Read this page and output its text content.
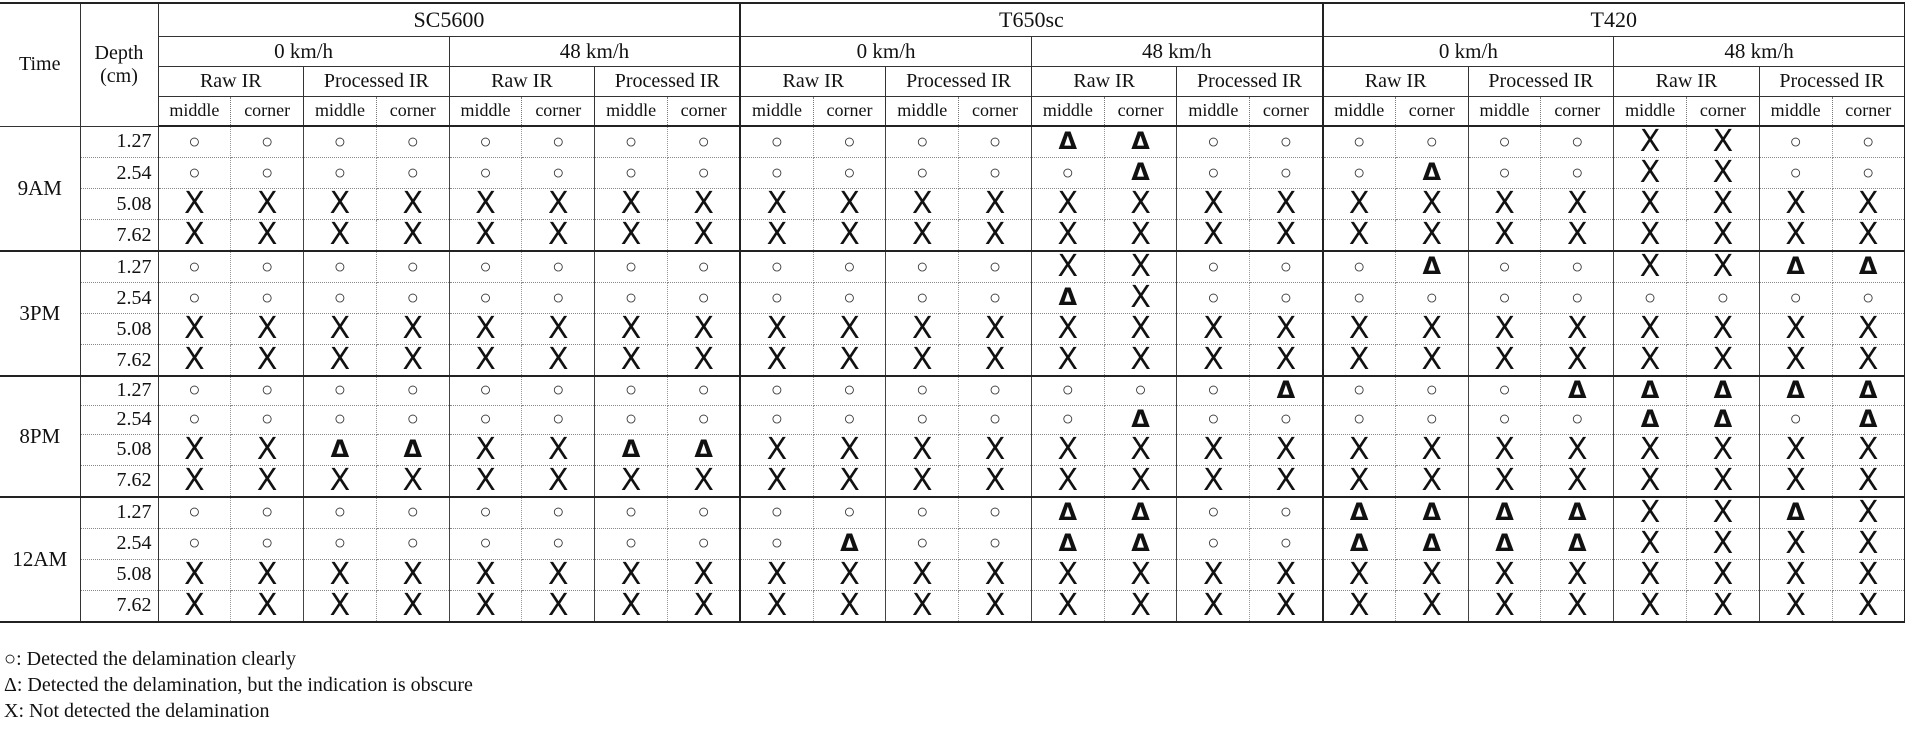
Time	Depth
(cm)	SC5600								T650sc								T420							
		0 km/h				48 km/h				0 km/h				48 km/h				0 km/h				48 km/h			
		Raw IR		Processed IR		Raw IR		Processed IR		Raw IR		Processed IR		Raw IR		Processed IR		Raw IR		Processed IR		Raw IR		Processed IR	
		middle	corner	middle	corner	middle	corner	middle	corner	middle	corner	middle	corner	middle	corner	middle	corner	middle	corner	middle	corner	middle	corner	middle	corner
9AM	1.27	○	○	○	○	○	○	○	○	○	○	○	○	Δ	Δ	○	○	○	○	○	○	X	X	○	○
	2.54	○	○	○	○	○	○	○	○	○	○	○	○	○	Δ	○	○	○	Δ	○	○	X	X	○	○
	5.08	X	X	X	X	X	X	X	X	X	X	X	X	X	X	X	X	X	X	X	X	X	X	X	X
	7.62	X	X	X	X	X	X	X	X	X	X	X	X	X	X	X	X	X	X	X	X	X	X	X	X
3PM	1.27	○	○	○	○	○	○	○	○	○	○	○	○	X	X	○	○	○	Δ	○	○	X	X	Δ	Δ
	2.54	○	○	○	○	○	○	○	○	○	○	○	○	Δ	X	○	○	○	○	○	○	○	○	○	○
	5.08	X	X	X	X	X	X	X	X	X	X	X	X	X	X	X	X	X	X	X	X	X	X	X	X
	7.62	X	X	X	X	X	X	X	X	X	X	X	X	X	X	X	X	X	X	X	X	X	X	X	X
8PM	1.27	○	○	○	○	○	○	○	○	○	○	○	○	○	○	○	Δ	○	○	○	Δ	Δ	Δ	Δ	Δ
	2.54	○	○	○	○	○	○	○	○	○	○	○	○	○	Δ	○	○	○	○	○	○	Δ	Δ	○	Δ
	5.08	X	X	Δ	Δ	X	X	Δ	Δ	X	X	X	X	X	X	X	X	X	X	X	X	X	X	X	X
	7.62	X	X	X	X	X	X	X	X	X	X	X	X	X	X	X	X	X	X	X	X	X	X	X	X
12AM	1.27	○	○	○	○	○	○	○	○	○	○	○	○	Δ	Δ	○	○	Δ	Δ	Δ	Δ	X	X	Δ	X
	2.54	○	○	○	○	○	○	○	○	○	Δ	○	○	Δ	Δ	○	○	Δ	Δ	Δ	Δ	X	X	X	X
	5.08	X	X	X	X	X	X	X	X	X	X	X	X	X	X	X	X	X	X	X	X	X	X	X	X
	7.62	X	X	X	X	X	X	X	X	X	X	X	X	X	X	X	X	X	X	X	X	X	X	X	X
○: Detected the delamination clearly
Δ: Detected the delamination, but the indication is obscure
X: Not detected the delamination
